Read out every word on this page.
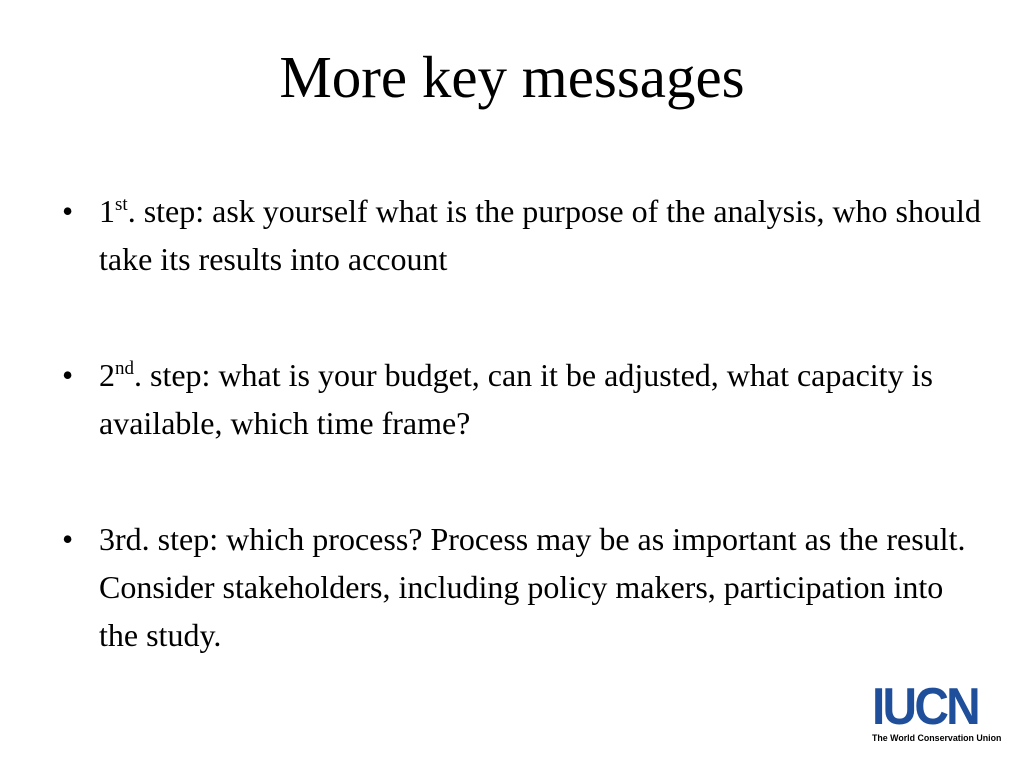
More key messages
• 1st. step: ask yourself what is the purpose of the analysis, who should take its results into account
• 2nd. step: what is your budget, can it be adjusted, what capacity is available, which time frame?
• 3rd. step: which process? Process may be as important as the result. Consider stakeholders, including policy makers, participation into the study.
IUCN
The World Conservation Union
